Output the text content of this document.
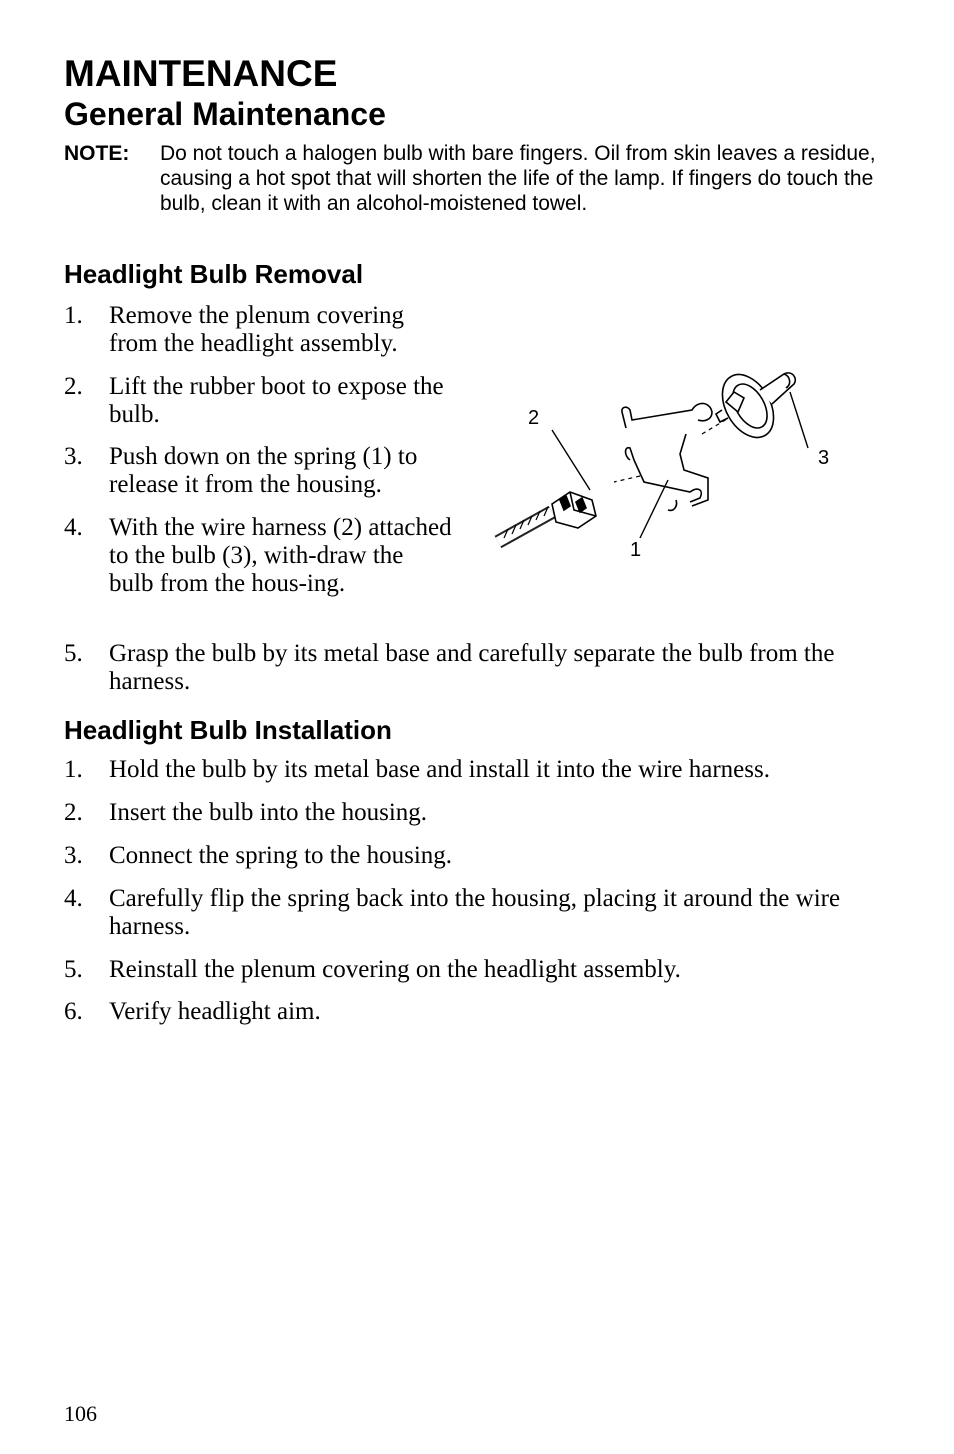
MAINTENANCE
General Maintenance
NOTE: Do not touch a halogen bulb with bare fingers. Oil from skin leaves a residue, causing a hot spot that will shorten the life of the lamp. If fingers do touch the bulb, clean it with an alcohol-moistened towel.
Headlight Bulb Removal
1. Remove the plenum covering from the headlight assembly.
2. Lift the rubber boot to expose the bulb.
3. Push down on the spring (1) to release it from the housing.
4. With the wire harness (2) attached to the bulb (3), with-draw the bulb from the hous-ing.
5. Grasp the bulb by its metal base and carefully separate the bulb from the harness.
2
3
1
Headlight Bulb Installation
1. Hold the bulb by its metal base and install it into the wire harness.
2. Insert the bulb into the housing.
3. Connect the spring to the housing.
4. Carefully flip the spring back into the housing, placing it around the wire harness.
5. Reinstall the plenum covering on the headlight assembly.
6. Verify headlight aim.
106
